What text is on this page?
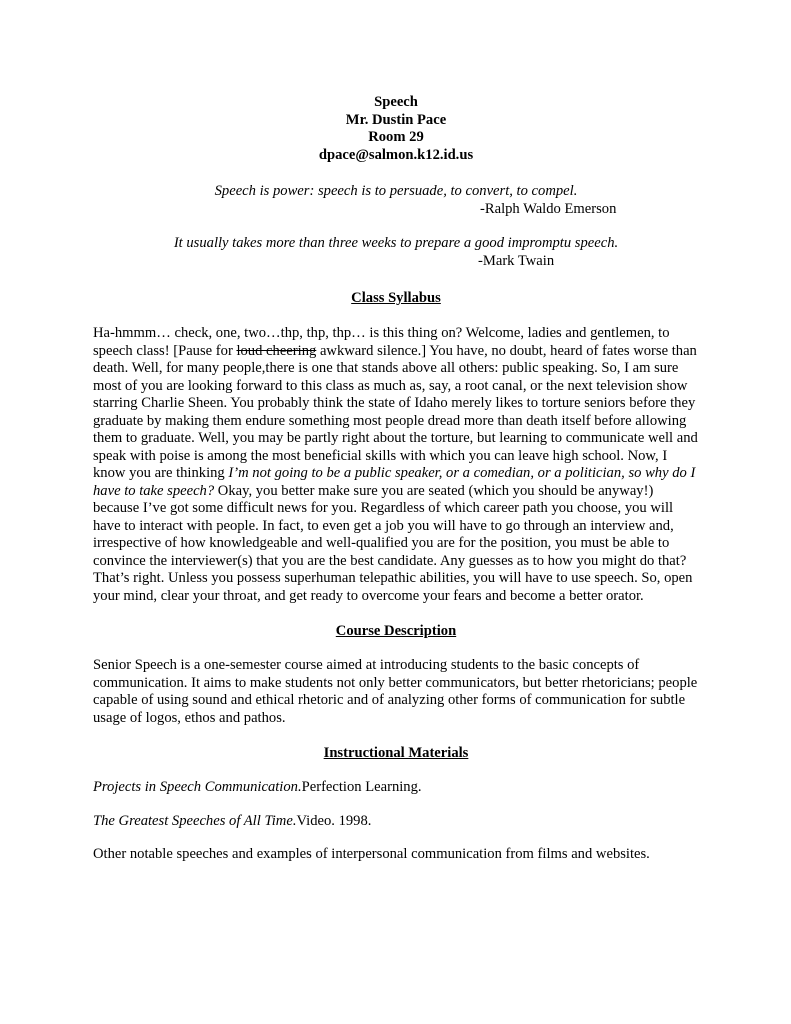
Speech
Mr. Dustin Pace
Room 29
dpace@salmon.k12.id.us
Speech is power: speech is to persuade, to convert, to compel.
-Ralph Waldo Emerson
It usually takes more than three weeks to prepare a good impromptu speech.
-Mark Twain
Class Syllabus
Ha-hmmm… check, one, two…thp, thp, thp… is this thing on? Welcome, ladies and gentlemen, to speech class! [Pause for loud cheering awkward silence.] You have, no doubt, heard of fates worse than death. Well, for many people,there is one that stands above all others: public speaking. So, I am sure most of you are looking forward to this class as much as, say, a root canal, or the next television show starring Charlie Sheen. You probably think the state of Idaho merely likes to torture seniors before they graduate by making them endure something most people dread more than death itself before allowing them to graduate. Well, you may be partly right about the torture, but learning to communicate well and speak with poise is among the most beneficial skills with which you can leave high school. Now, I know you are thinking I’m not going to be a public speaker, or a comedian, or a politician, so why do I have to take speech? Okay, you better make sure you are seated (which you should be anyway!) because I’ve got some difficult news for you. Regardless of which career path you choose, you will have to interact with people. In fact, to even get a job you will have to go through an interview and, irrespective of how knowledgeable and well-qualified you are for the position, you must be able to convince the interviewer(s) that you are the best candidate. Any guesses as to how you might do that? That’s right. Unless you possess superhuman telepathic abilities, you will have to use speech. So, open your mind, clear your throat, and get ready to overcome your fears and become a better orator.
Course Description
Senior Speech is a one-semester course aimed at introducing students to the basic concepts of communication. It aims to make students not only better communicators, but better rhetoricians; people capable of using sound and ethical rhetoric and of analyzing other forms of communication for subtle usage of logos, ethos and pathos.
Instructional Materials
Projects in Speech Communication.Perfection Learning.
The Greatest Speeches of All Time.Video. 1998.
Other notable speeches and examples of interpersonal communication from films and websites.
